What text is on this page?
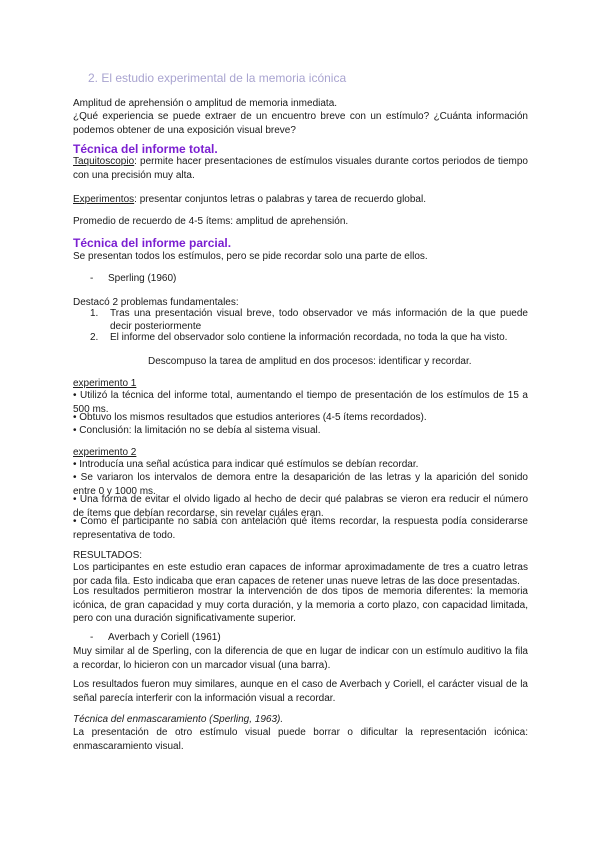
2. El estudio experimental de la memoria icónica
Amplitud de aprehensión o amplitud de memoria inmediata.
¿Qué experiencia se puede extraer de un encuentro breve con un estímulo? ¿Cuánta información podemos obtener de una exposición visual breve?
Técnica del informe total.
Taquitoscopio: permite hacer presentaciones de estímulos visuales durante cortos periodos de tiempo con una precisión muy alta.
Experimentos: presentar conjuntos letras o palabras y tarea de recuerdo global.
Promedio de recuerdo de 4-5 ítems: amplitud de aprehensión.
Técnica del informe parcial.
Se presentan todos los estímulos, pero se pide recordar solo una parte de ellos.
- Sperling (1960)
Destacó 2 problemas fundamentales:
1. Tras una presentación visual breve, todo observador ve más información de la que puede decir posteriormente
2. El informe del observador solo contiene la información recordada, no toda la que ha visto.
Descompuso la tarea de amplitud en dos procesos: identificar y recordar.
experimento 1
• Utilizó la técnica del informe total, aumentando el tiempo de presentación de los estímulos de 15 a 500 ms.
• Obtuvo los mismos resultados que estudios anteriores (4-5 ítems recordados).
• Conclusión: la limitación no se debía al sistema visual.
experimento 2
• Introducía una señal acústica para indicar qué estímulos se debían recordar.
• Se variaron los intervalos de demora entre la desaparición de las letras y la aparición del sonido entre 0 y 1000 ms.
• Una forma de evitar el olvido ligado al hecho de decir qué palabras se vieron era reducir el número de ítems que debían recordarse, sin revelar cuáles eran.
• Como el participante no sabía con antelación qué ítems recordar, la respuesta podía considerarse representativa de todo.
RESULTADOS:
Los participantes en este estudio eran capaces de informar aproximadamente de tres a cuatro letras por cada fila. Esto indicaba que eran capaces de retener unas nueve letras de las doce presentadas.
Los resultados permitieron mostrar la intervención de dos tipos de memoria diferentes: la memoria icónica, de gran capacidad y muy corta duración, y la memoria a corto plazo, con capacidad limitada, pero con una duración significativamente superior.
- Averbach y Coriell (1961)
Muy similar al de Sperling, con la diferencia de que en lugar de indicar con un estímulo auditivo la fila a recordar, lo hicieron con un marcador visual (una barra).
Los resultados fueron muy similares, aunque en el caso de Averbach y Coriell, el carácter visual de la señal parecía interferir con la información visual a recordar.
Técnica del enmascaramiento (Sperling, 1963).
La presentación de otro estímulo visual puede borrar o dificultar la representación icónica: enmascaramiento visual.
